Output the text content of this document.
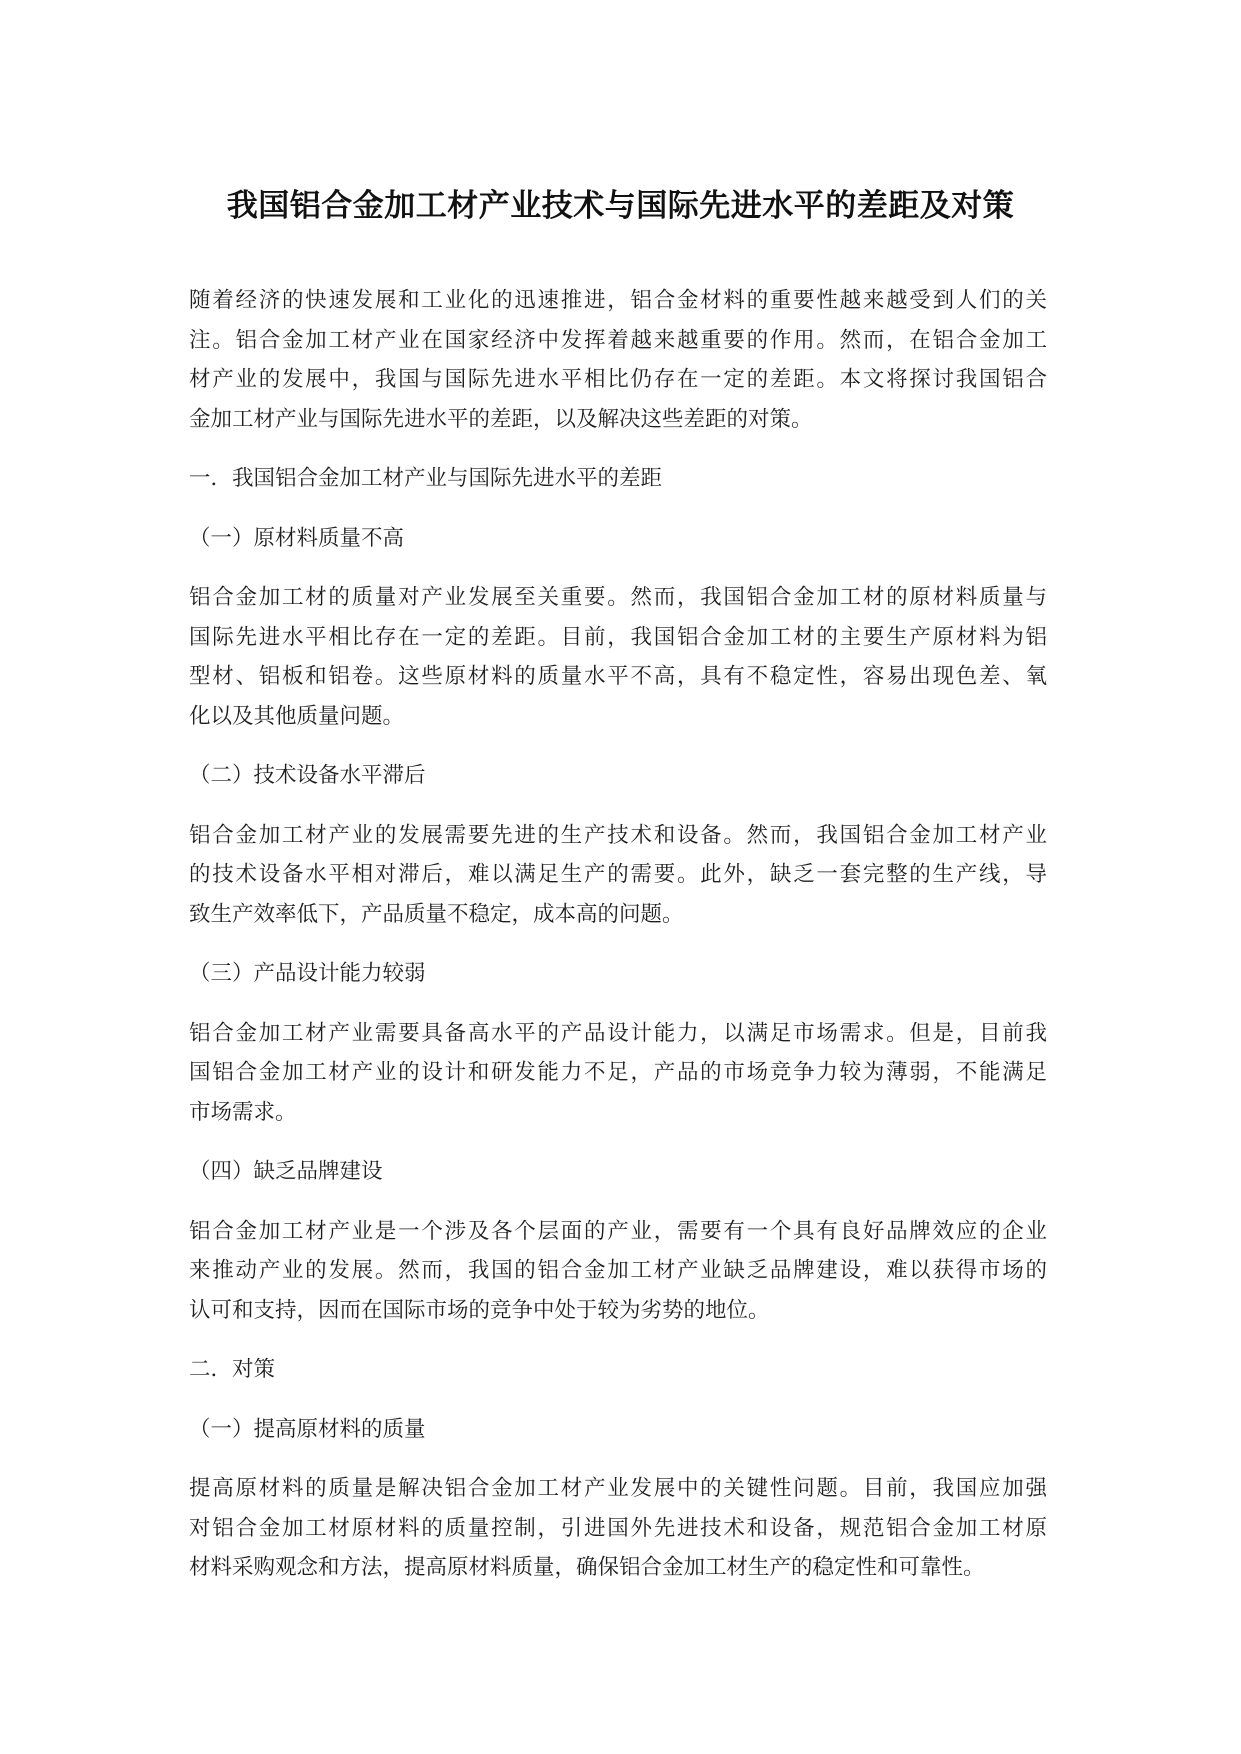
我国铝合金加工材产业技术与国际先进水平的差距及对策
随着经济的快速发展和工业化的迅速推进，铝合金材料的重要性越来越受到人们的关
注。铝合金加工材产业在国家经济中发挥着越来越重要的作用。然而，在铝合金加工
材产业的发展中，我国与国际先进水平相比仍存在一定的差距。本文将探讨我国铝合
金加工材产业与国际先进水平的差距，以及解决这些差距的对策。
一．我国铝合金加工材产业与国际先进水平的差距
（一）原材料质量不高
铝合金加工材的质量对产业发展至关重要。然而，我国铝合金加工材的原材料质量与
国际先进水平相比存在一定的差距。目前，我国铝合金加工材的主要生产原材料为铝
型材、铝板和铝卷。这些原材料的质量水平不高，具有不稳定性，容易出现色差、氧
化以及其他质量问题。
（二）技术设备水平滞后
铝合金加工材产业的发展需要先进的生产技术和设备。然而，我国铝合金加工材产业
的技术设备水平相对滞后，难以满足生产的需要。此外，缺乏一套完整的生产线，导
致生产效率低下，产品质量不稳定，成本高的问题。
（三）产品设计能力较弱
铝合金加工材产业需要具备高水平的产品设计能力，以满足市场需求。但是，目前我
国铝合金加工材产业的设计和研发能力不足，产品的市场竞争力较为薄弱，不能满足
市场需求。
（四）缺乏品牌建设
铝合金加工材产业是一个涉及各个层面的产业，需要有一个具有良好品牌效应的企业
来推动产业的发展。然而，我国的铝合金加工材产业缺乏品牌建设，难以获得市场的
认可和支持，因而在国际市场的竞争中处于较为劣势的地位。
二．对策
（一）提高原材料的质量
提高原材料的质量是解决铝合金加工材产业发展中的关键性问题。目前，我国应加强
对铝合金加工材原材料的质量控制，引进国外先进技术和设备，规范铝合金加工材原
材料采购观念和方法，提高原材料质量，确保铝合金加工材生产的稳定性和可靠性。
